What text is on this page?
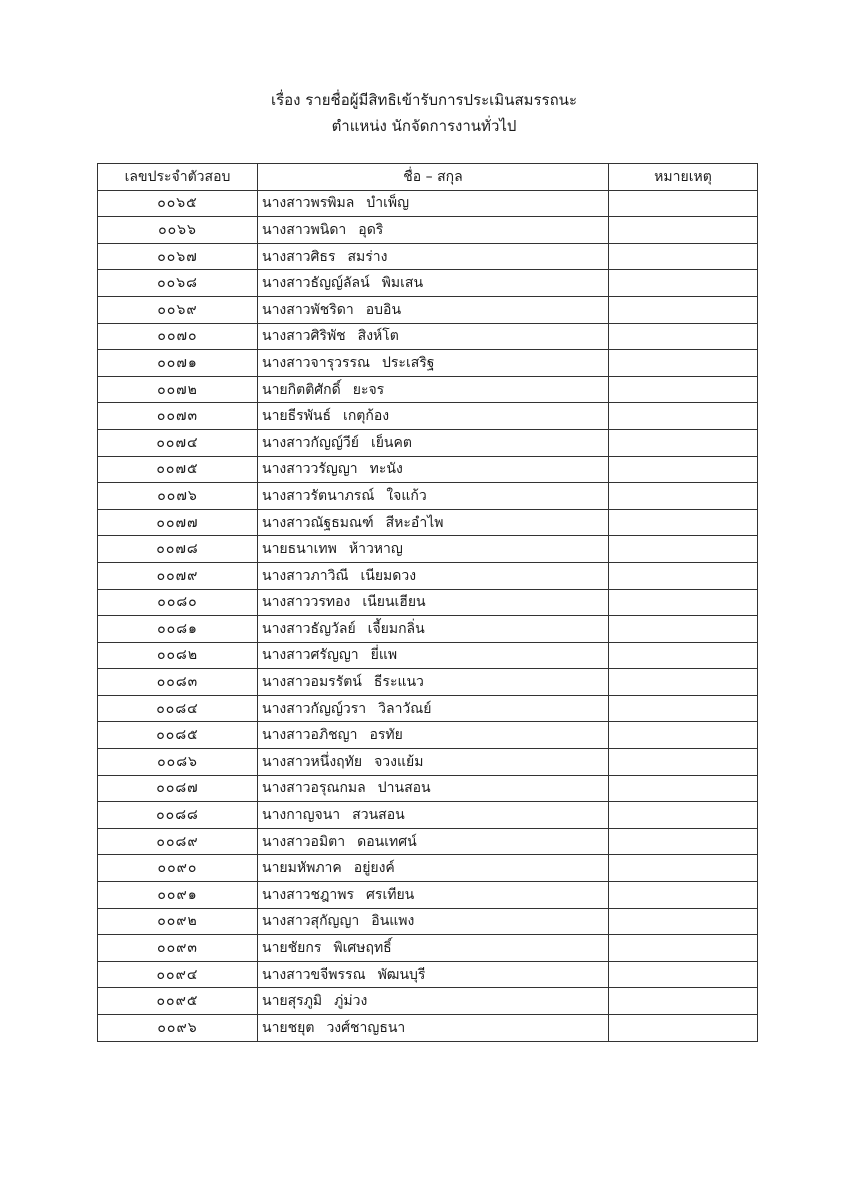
เรื่อง รายชื่อผู้มีสิทธิเข้ารับการประเมินสมรรถนะ
ตำแหน่ง นักจัดการงานทั่วไป
เลขประจำตัวสอบ	ชื่อ – สกุล	หมายเหตุ
๐๐๖๕	นางสาวพรพิมล บำเพ็ญ	
๐๐๖๖	นางสาวพนิดา อุดริ	
๐๐๖๗	นางสาวศิธร สมร่าง	
๐๐๖๘	นางสาวธัญญ์ลัลน์ พิมเสน	
๐๐๖๙	นางสาวพัชริดา อบอิน	
๐๐๗๐	นางสาวศิริพัช สิงห์โต	
๐๐๗๑	นางสาวจารุวรรณ ประเสริฐ	
๐๐๗๒	นายกิตติศักดิ์ ยะจร	
๐๐๗๓	นายธีรพันธ์ เกตุก้อง	
๐๐๗๔	นางสาวกัญญ์วีย์ เย็นคต	
๐๐๗๕	นางสาววรัญญา ทะนัง	
๐๐๗๖	นางสาวรัตนาภรณ์ ใจแก้ว	
๐๐๗๗	นางสาวณัฐธมณฑ์ สีหะอำไพ	
๐๐๗๘	นายธนาเทพ ห้าวหาญ	
๐๐๗๙	นางสาวภาวิณี เนียมดวง	
๐๐๘๐	นางสาววรทอง เนียนเฮียน	
๐๐๘๑	นางสาวธัญวัลย์ เจี้ยมกลิ่น	
๐๐๘๒	นางสาวศรัญญา ยี่แพ	
๐๐๘๓	นางสาวอมรรัตน์ ธีระแนว	
๐๐๘๔	นางสาวกัญญ์วรา วิลาวัณย์	
๐๐๘๕	นางสาวอภิชญา อรทัย	
๐๐๘๖	นางสาวหนึ่งฤทัย จวงแย้ม	
๐๐๘๗	นางสาวอรุณกมล ปานสอน	
๐๐๘๘	นางกาญจนา สวนสอน	
๐๐๘๙	นางสาวอมิตา ดอนเทศน์	
๐๐๙๐	นายมหัพภาค อยู่ยงค์	
๐๐๙๑	นางสาวชฎาพร ศรเทียน	
๐๐๙๒	นางสาวสุกัญญา อินแพง	
๐๐๙๓	นายชัยกร พิเศษฤทธิ์	
๐๐๙๔	นางสาวขจีพรรณ พัฒนบุรี	
๐๐๙๕	นายสุรภูมิ ภู่ม่วง	
๐๐๙๖	นายชยุต วงศ์ชาญธนา	
